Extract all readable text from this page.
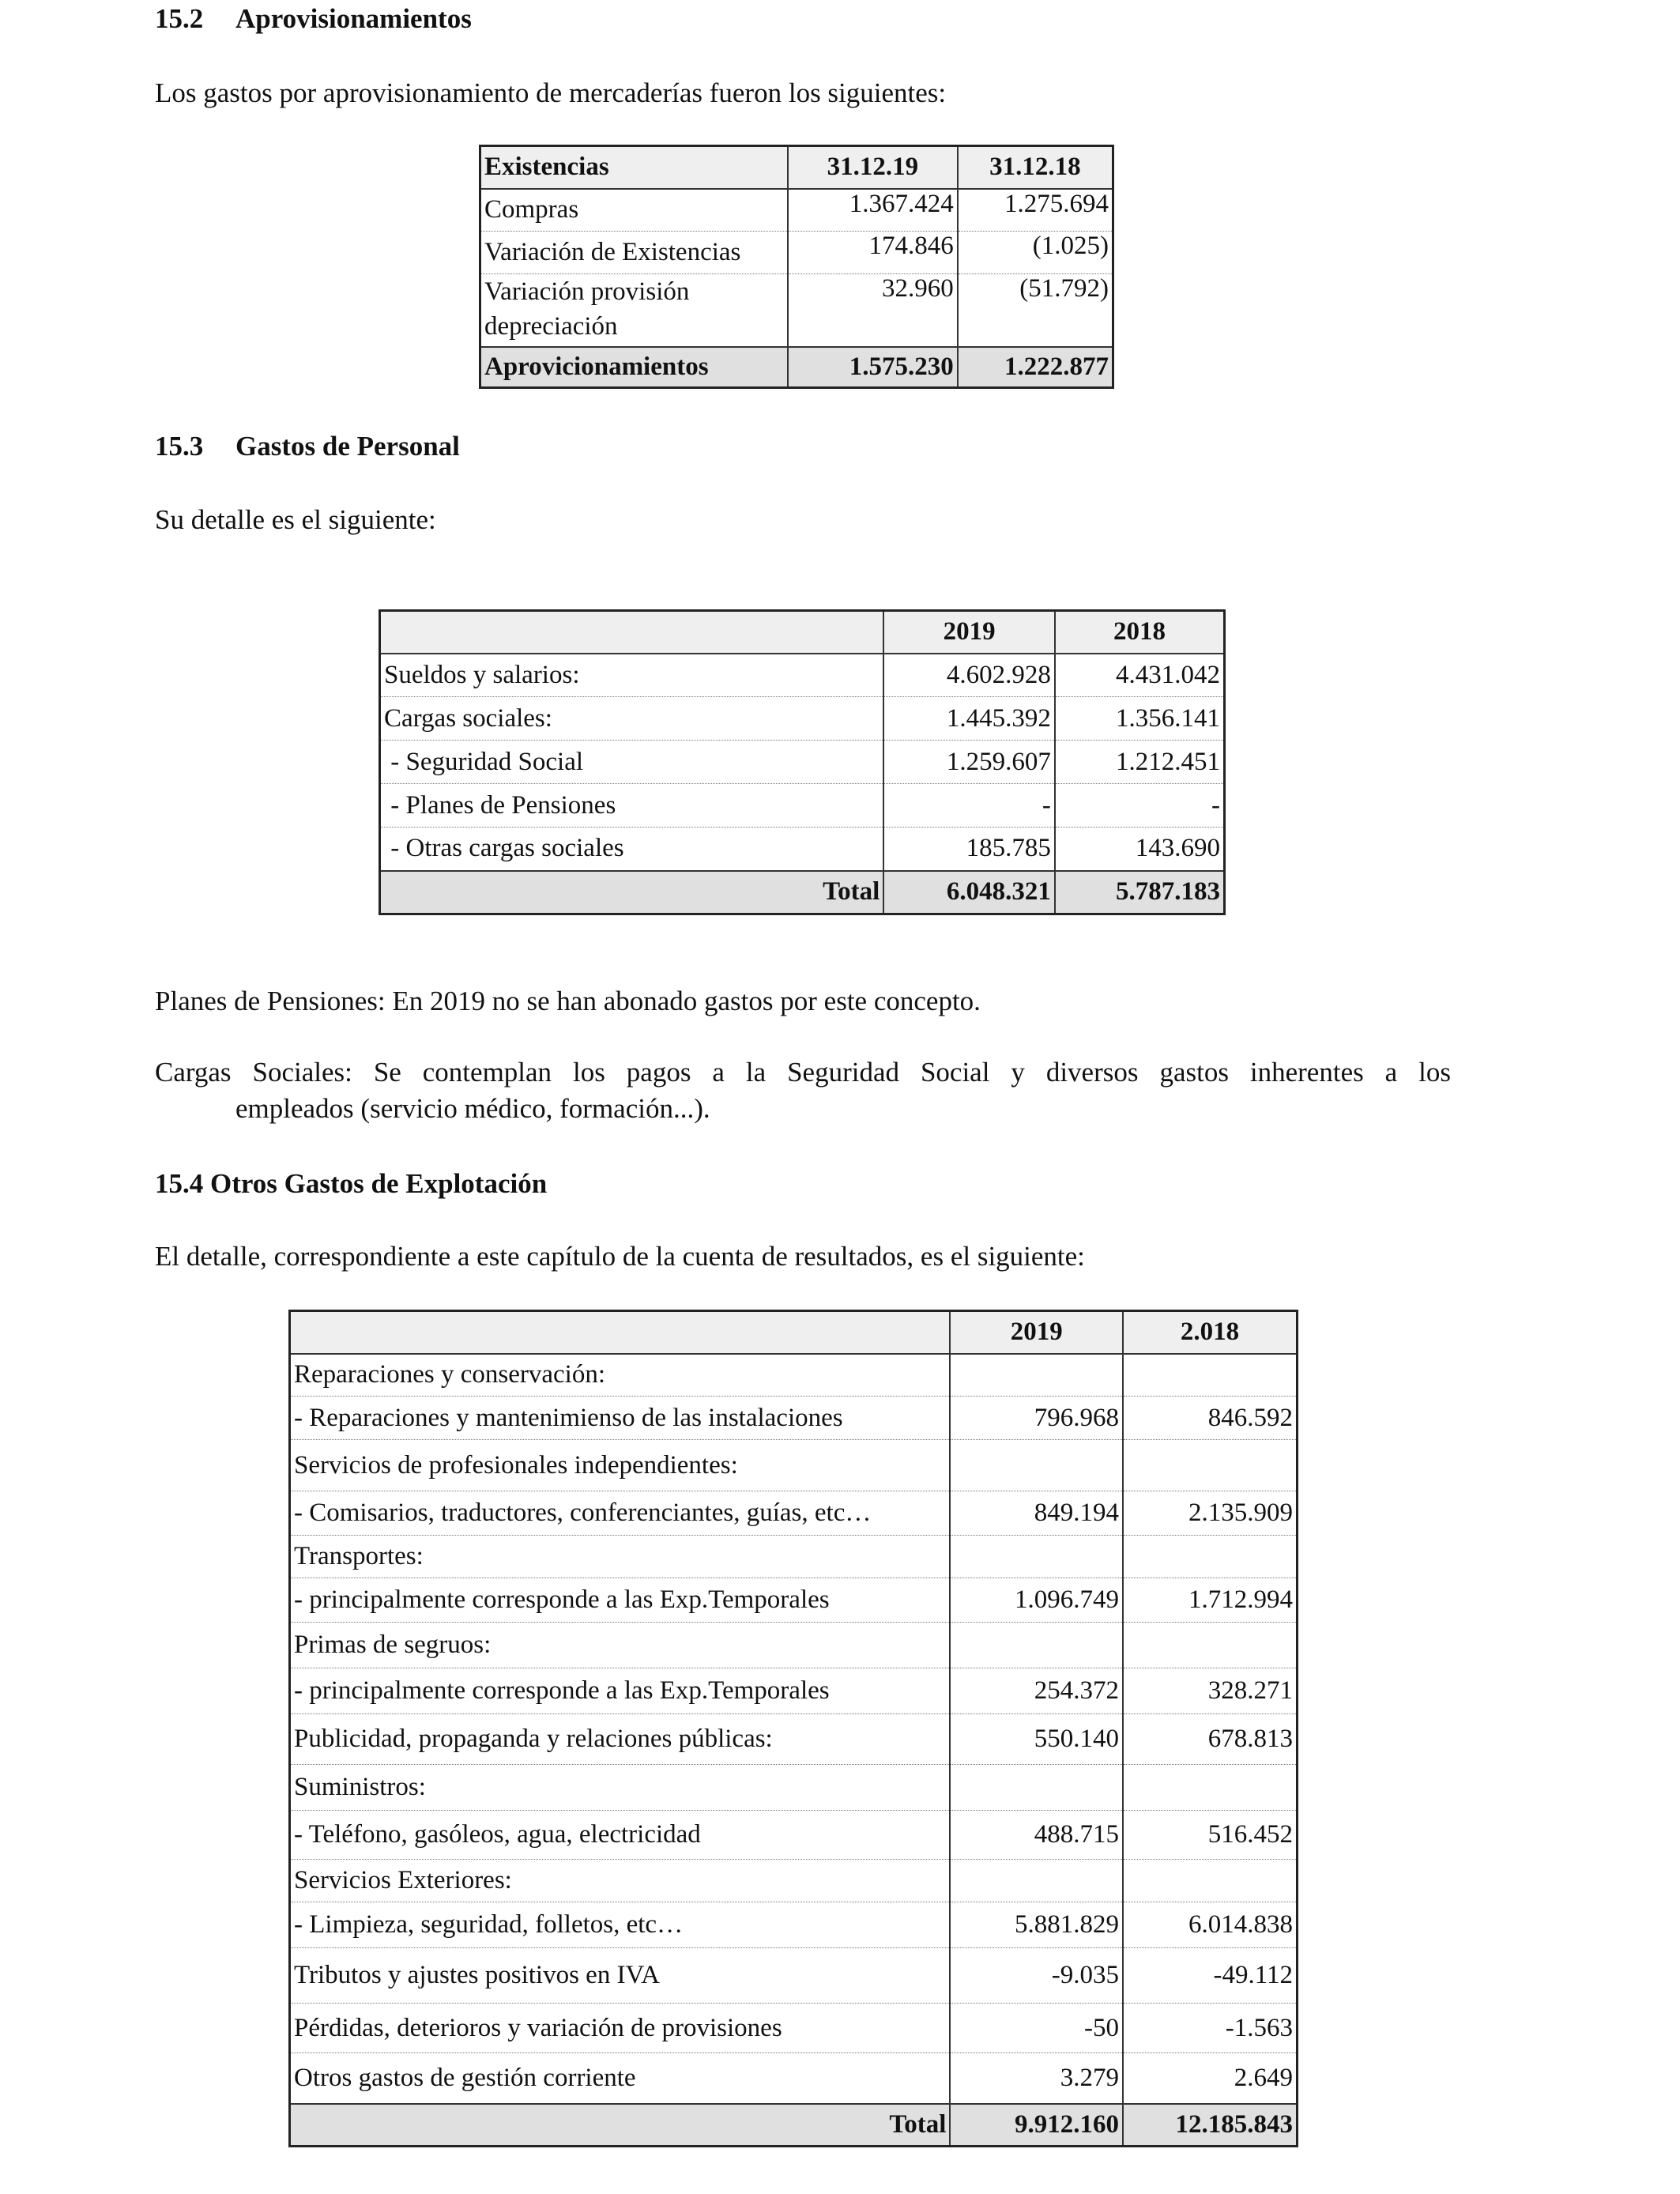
15.2 Aprovisionamientos
Los gastos por aprovisionamiento de mercaderías fueron los siguientes:
Existencias	31.12.19	31.12.18
Compras	1.367.424	1.275.694
Variación de Existencias	174.846	(1.025)
Variación provisión depreciación	32.960	(51.792)
Aprovicionamientos	1.575.230	1.222.877
15.3 Gastos de Personal
Su detalle es el siguiente:
	2019	2018
Sueldos y salarios:	4.602.928	4.431.042
Cargas sociales:	1.445.392	1.356.141
- Seguridad Social	1.259.607	1.212.451
- Planes de Pensiones	-	-
- Otras cargas sociales	185.785	143.690
Total	6.048.321	5.787.183
Planes de Pensiones: En 2019 no se han abonado gastos por este concepto.
Cargas Sociales: Se contemplan los pagos a la Seguridad Social y diversos gastos inherentes a los
empleados (servicio médico, formación...).
15.4 Otros Gastos de Explotación
El detalle, correspondiente a este capítulo de la cuenta de resultados, es el siguiente:
	2019	2.018
Reparaciones y conservación:		
- Reparaciones y mantenimienso de las instalaciones	796.968	846.592
Servicios de profesionales independientes:		
- Comisarios, traductores, conferenciantes, guías, etc…	849.194	2.135.909
Transportes:		
- principalmente corresponde a las Exp.Temporales	1.096.749	1.712.994
Primas de segruos:		
- principalmente corresponde a las Exp.Temporales	254.372	328.271
Publicidad, propaganda y relaciones públicas:	550.140	678.813
Suministros:		
- Teléfono, gasóleos, agua, electricidad	488.715	516.452
Servicios Exteriores:		
- Limpieza, seguridad, folletos, etc…	5.881.829	6.014.838
Tributos y ajustes positivos en IVA	-9.035	-49.112
Pérdidas, deterioros y variación de provisiones	-50	-1.563
Otros gastos de gestión corriente	3.279	2.649
Total	9.912.160	12.185.843
